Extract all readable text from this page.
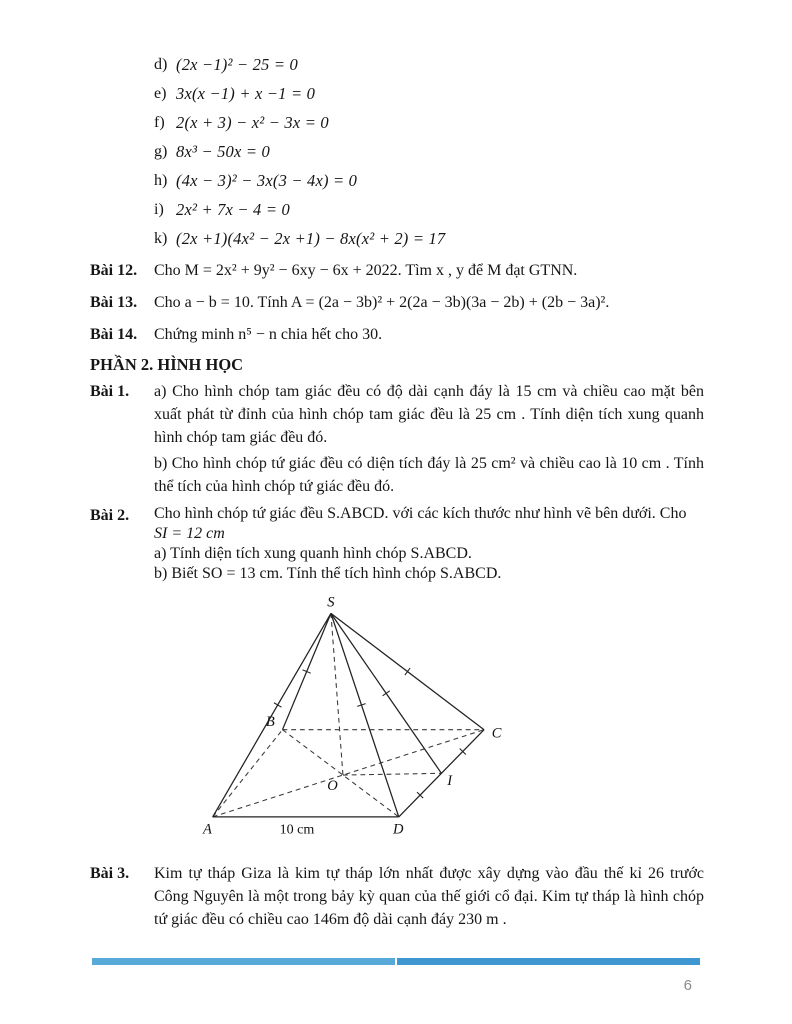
d) (2x −1)² − 25 = 0
e) 3x(x −1) + x −1 = 0
f) 2(x + 3) − x² − 3x = 0
g) 8x³ − 50x = 0
h) (4x − 3)² − 3x(3 − 4x) = 0
i) 2x² + 7x − 4 = 0
k) (2x +1)(4x² − 2x +1) − 8x(x² + 2) = 17
Bài 12.	Cho M = 2x² + 9y² − 6xy − 6x + 2022. Tìm x , y để M đạt GTNN.
Bài 13.	Cho a − b = 10. Tính A = (2a − 3b)² + 2(2a − 3b)(3a − 2b) + (2b − 3a)².
Bài 14.	Chứng minh n⁵ − n chia hết cho 30.
PHẦN 2. HÌNH HỌC
Bài 1.	a) Cho hình chóp tam giác đều có độ dài cạnh đáy là 15 cm và chiều cao mặt bên xuất phát từ đỉnh của hình chóp tam giác đều là 25 cm . Tính diện tích xung quanh hình chóp tam giác đều đó.

b) Cho hình chóp tứ giác đều có diện tích đáy là 25 cm² và chiều cao là 10 cm . Tính thể tích của hình chóp tứ giác đều đó.

Bài 2.	Cho hình chóp tứ giác đều S.ABCD. với các kích thước như hình vẽ bên dưới. Cho

SI = 12 cm

a) Tính diện tích xung quanh hình chóp S.ABCD.

b) Biết SO = 13 cm. Tính thể tích hình chóp S.ABCD.

S
A
B
C
D
O	I
10 cm
Bài 3.	Kim tự tháp Giza là kim tự tháp lớn nhất được xây dựng vào đầu thế kỉ 26 trước Công Nguyên là một trong bảy kỳ quan của thế giới cổ đại. Kim tự tháp là hình chóp tứ giác đều có chiều cao 146m độ dài cạnh đáy 230 m .
6
